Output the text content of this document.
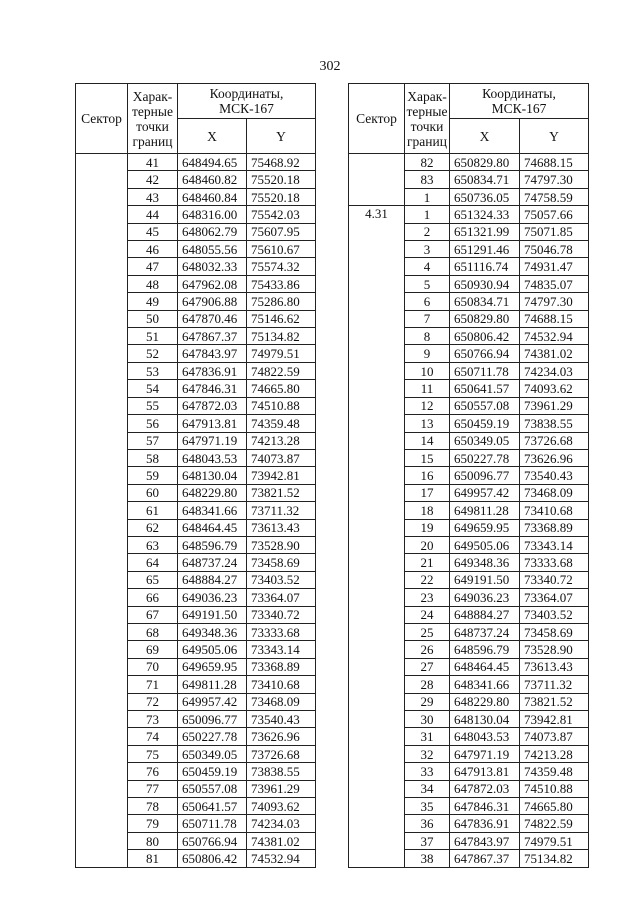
302
Сектор	Харак-
терные
точки
границ	Координаты,
МСК-167	
		X	Y
	41	648494.65	75468.92
	42	648460.82	75520.18
	43	648460.84	75520.18
	44	648316.00	75542.03
	45	648062.79	75607.95
	46	648055.56	75610.67
	47	648032.33	75574.32
	48	647962.08	75433.86
	49	647906.88	75286.80
	50	647870.46	75146.62
	51	647867.37	75134.82
	52	647843.97	74979.51
	53	647836.91	74822.59
	54	647846.31	74665.80
	55	647872.03	74510.88
	56	647913.81	74359.48
	57	647971.19	74213.28
	58	648043.53	74073.87
	59	648130.04	73942.81
	60	648229.80	73821.52
	61	648341.66	73711.32
	62	648464.45	73613.43
	63	648596.79	73528.90
	64	648737.24	73458.69
	65	648884.27	73403.52
	66	649036.23	73364.07
	67	649191.50	73340.72
	68	649348.36	73333.68
	69	649505.06	73343.14
	70	649659.95	73368.89
	71	649811.28	73410.68
	72	649957.42	73468.09
	73	650096.77	73540.43
	74	650227.78	73626.96
	75	650349.05	73726.68
	76	650459.19	73838.55
	77	650557.08	73961.29
	78	650641.57	74093.62
	79	650711.78	74234.03
	80	650766.94	74381.02
	81	650806.42	74532.94
Сектор	Харак-
терные
точки
границ	Координаты,
МСК-167	
		X	Y
	82	650829.80	74688.15
	83	650834.71	74797.30
	1	650736.05	74758.59
4.31	1	651324.33	75057.66
	2	651321.99	75071.85
	3	651291.46	75046.78
	4	651116.74	74931.47
	5	650930.94	74835.07
	6	650834.71	74797.30
	7	650829.80	74688.15
	8	650806.42	74532.94
	9	650766.94	74381.02
	10	650711.78	74234.03
	11	650641.57	74093.62
	12	650557.08	73961.29
	13	650459.19	73838.55
	14	650349.05	73726.68
	15	650227.78	73626.96
	16	650096.77	73540.43
	17	649957.42	73468.09
	18	649811.28	73410.68
	19	649659.95	73368.89
	20	649505.06	73343.14
	21	649348.36	73333.68
	22	649191.50	73340.72
	23	649036.23	73364.07
	24	648884.27	73403.52
	25	648737.24	73458.69
	26	648596.79	73528.90
	27	648464.45	73613.43
	28	648341.66	73711.32
	29	648229.80	73821.52
	30	648130.04	73942.81
	31	648043.53	74073.87
	32	647971.19	74213.28
	33	647913.81	74359.48
	34	647872.03	74510.88
	35	647846.31	74665.80
	36	647836.91	74822.59
	37	647843.97	74979.51
	38	647867.37	75134.82
